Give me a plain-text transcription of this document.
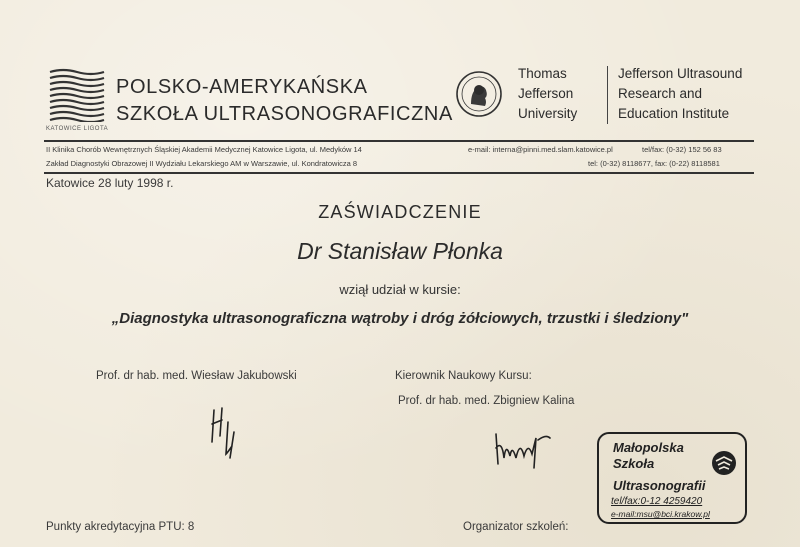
KATOWICE LIGOTA
POLSKO-AMERYKAŃSKA
SZKOŁA ULTRASONOGRAFICZNA
Thomas
Jefferson
University
Jefferson Ultrasound
Research and
Education Institute
II Klinika Chorób Wewnętrznych Śląskiej Akademii Medycznej Katowice Ligota, ul. Medyków 14	e-mail: interna@pinni.med.slam.katowice.pl	tel/fax: (0-32) 152 56 83
Zakład Diagnostyki Obrazowej II Wydziału Lekarskiego AM w Warszawie, ul. Kondratowicza 8	tel: (0-32) 8118677, fax: (0-22) 8118581
Katowice 28 luty 1998 r.
ZAŚWIADCZENIE
Dr Stanisław Płonka
wziął udział w kursie:
„Diagnostyka ultrasonograficzna wątroby i dróg żółciowych, trzustki i śledziony"
Prof. dr hab. med. Wiesław Jakubowski	Kierownik Naukowy Kursu:
Prof. dr hab. med. Zbigniew Kalina
Małopolska
Szkoła
Ultrasonografii
tel/fax:0-12 4259420
e-mail:msu@bci.krakow.pl
Punkty akredytacyjna PTU: 8	Organizator szkoleń:
